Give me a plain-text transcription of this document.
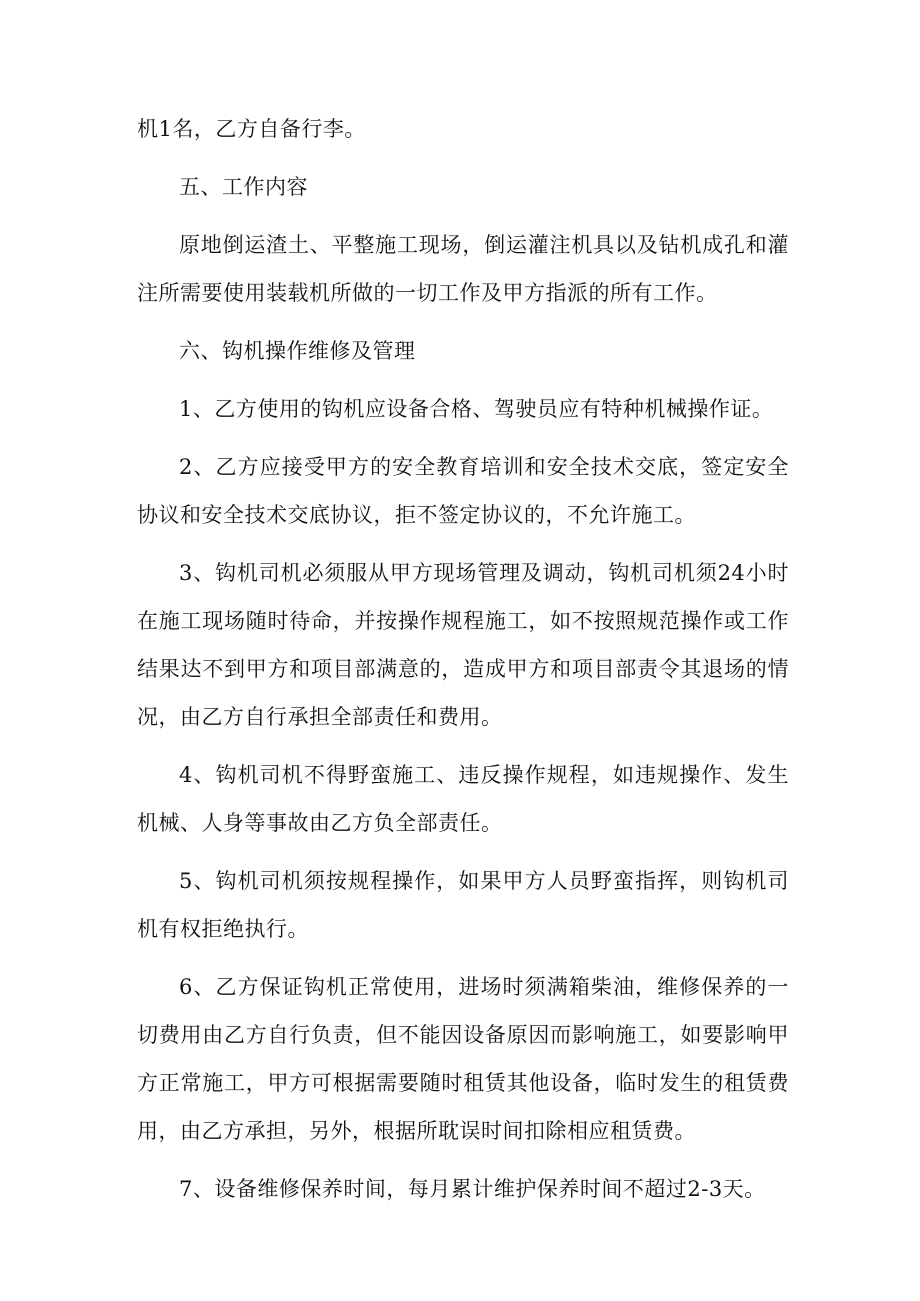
机1名，乙方自备行李。

五、工作内容

原地倒运渣土、平整施工现场，倒运灌注机具以及钻机成孔和灌注所需要使用装载机所做的一切工作及甲方指派的所有工作。

六、钩机操作维修及管理

1、乙方使用的钩机应设备合格、驾驶员应有特种机械操作证。

2、乙方应接受甲方的安全教育培训和安全技术交底，签定安全协议和安全技术交底协议，拒不签定协议的，不允许施工。

3、钩机司机必须服从甲方现场管理及调动，钩机司机须24小时在施工现场随时待命，并按操作规程施工，如不按照规范操作或工作结果达不到甲方和项目部满意的，造成甲方和项目部责令其退场的情况，由乙方自行承担全部责任和费用。

4、钩机司机不得野蛮施工、违反操作规程，如违规操作、发生机械、人身等事故由乙方负全部责任。

5、钩机司机须按规程操作，如果甲方人员野蛮指挥，则钩机司机有权拒绝执行。

6、乙方保证钩机正常使用，进场时须满箱柴油，维修保养的一切费用由乙方自行负责，但不能因设备原因而影响施工，如要影响甲方正常施工，甲方可根据需要随时租赁其他设备，临时发生的租赁费用，由乙方承担，另外，根据所耽误时间扣除相应租赁费。

7、设备维修保养时间，每月累计维护保养时间不超过2-3天。
